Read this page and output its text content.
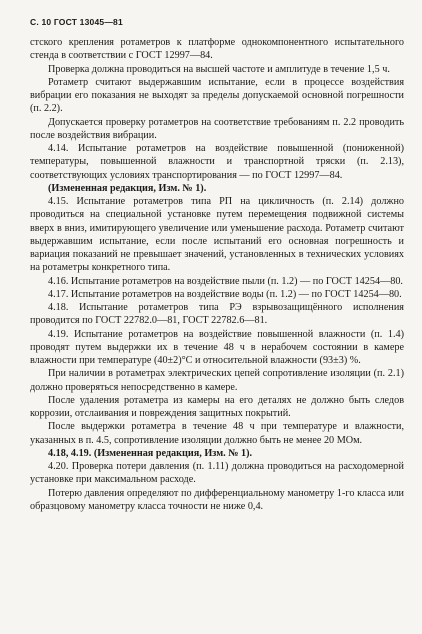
С. 10 ГОСТ 13045—81

стского крепления ротаметров к платформе однокомпонентного испытательного стенда в соответствии с ГОСТ 12997—84.

Проверка должна проводиться на высшей частоте и амплитуде в течение 1,5 ч.

Ротаметр считают выдержавшим испытание, если в процессе воздействия вибрации его показания не выходят за пределы допускаемой основной погрешности (п. 2.2).

Допускается проверку ротаметров на соответствие требованиям п. 2.2 проводить после воздействия вибрации.

4.14. Испытание ротаметров на воздействие повышенной (пониженной) температуры, повышенной влажности и транспортной тряски (п. 2.13), соответствующих условиях транспортирования — по ГОСТ 12997—84.

(Измененная редакция, Изм. № 1).

4.15. Испытание ротаметров типа РП на цикличность (п. 2.14) должно проводиться на специальной установке путем перемещения подвижной системы вверх в вниз, имитирующего увеличение или уменьшение расхода. Ротаметр считают выдержавшим испытание, если после испытаний его основная погрешность и вариация показаний не превышает значений, установленных в технических условиях на ротаметры конкретного типа.

4.16. Испытание ротаметров на воздействие пыли (п. 1.2) — по ГОСТ 14254—80.

4.17. Испытание ротаметров на воздействие воды (п. 1.2) — по ГОСТ 14254—80.

4.18. Испытание ротаметров типа РЭ взрывозащищённого исполнения проводится по ГОСТ 22782.0—81, ГОСТ 22782.6—81.

4.19. Испытание ротаметров на воздействие повышенной влажности (п. 1.4) проводят путем выдержки их в течение 48 ч в нерабочем состоянии в камере влажности при температуре (40±2)°С и относительной влажности (93±3) %.

При наличии в ротаметрах электрических цепей сопротивление изоляции (п. 2.1) должно проверяться непосредственно в камере.

После удаления ротаметра из камеры на его деталях не должно быть следов коррозии, отслаивания и повреждения защитных покрытий.

После выдержки ротаметра в течение 48 ч при температуре и влажности, указанных в п. 4.5, сопротивление изоляции должно быть не менее 20 МОм.

4.18, 4.19. (Измененная редакция, Изм. № 1).

4.20. Проверка потери давления (п. 1.11) должна проводиться на расходомерной установке при максимальном расходе.

Потерю давления определяют по дифференциальному манометру 1-го класса или образцовому манометру класса точности не ниже 0,4.
